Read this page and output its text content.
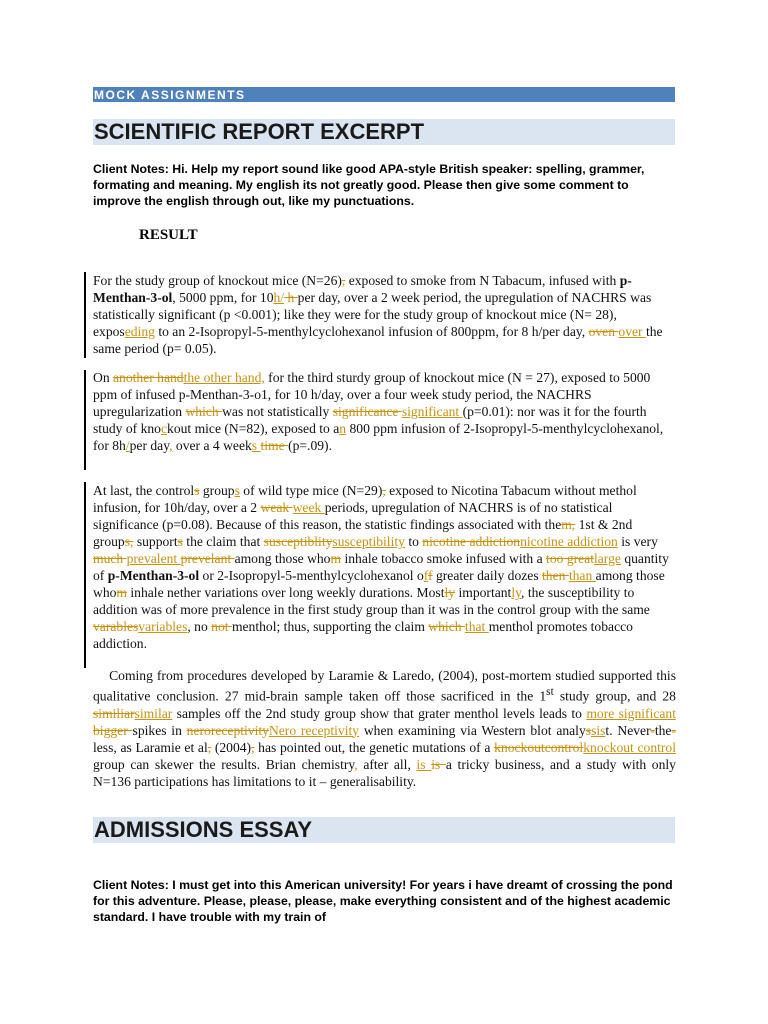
MOCK ASSIGNMENTS
SCIENTIFIC REPORT EXCERPT
Client Notes: Hi. Help my report sound like good APA-style British speaker: spelling, grammer, formating and meaning. My english its not greatly good. Please then give some comment to improve the english through out, like my punctuations.
RESULT
For the study group of knockout mice (N=26), exposed to smoke from N Tabacum, infused with p-Menthan-3-ol, 5000 ppm, for 10h/ h per day, over a 2 week period, the upregulation of NACHRS was statistically significant (p <0.001); like they were for the study group of knockout mice (N= 28), exposeding to an 2-Isopropyl-5-menthylcyclohexanol infusion of 800ppm, for 8 h/per day, oven over the same period (p= 0.05).
On another handthe other hand, for the third sturdy group of knockout mice (N = 27), exposed to 5000 ppm of infused p-Menthan-3-o1, for 10 h/day, over a four week study period, the NACHRS upregularization which was not statistically significance significant (p=0.01): nor was it for the fourth study of knockout mice (N=82), exposed to an 800 ppm infusion of 2-Isopropyl-5-menthylcyclohexanol, for 8h/per day, over a 4 weeks time (p=.09).
At last, the controls groups of wild type mice (N=29), exposed to Nicotina Tabacum without methol infusion, for 10h/day, over a 2 weak week periods, upregulation of NACHRS is of no statistical significance (p=0.08). Because of this reason, the statistic findings associated with them, 1st & 2nd groups, supports the claim that susceptiblitysusceptibility to nicotine addictionnicotine addiction is very much prevalent prevelant among those whom inhale tobacco smoke infused with a too greatlarge quantity of p-Menthan-3-ol or 2-Isopropyl-5-menthylcyclohexanol off greater daily dozes then than among those whom inhale nether variations over long weekly durations. Mostly importantly, the susceptibility to addition was of more prevalence in the first study group than it was in the control group with the same varablesvariables, no not menthol; thus, supporting the claim which that menthol promotes tobacco addiction.
Coming from procedures developed by Laramie & Laredo, (2004), post-mortem studied supported this qualitative conclusion. 27 mid-brain sample taken off those sacrificed in the 1st study group, and 28 similiarsimilar samples off the 2nd study group show that grater menthol levels leads to more significant bigger spikes in neroreceptivityNero receptivity when examining via Western blot analyssist. Never-the-less, as Laramie et al, (2004), has pointed out, the genetic mutations of a knockoutcontrolknockout control group can skewer the results. Brian chemistry, after all, is is a tricky business, and a study with only N=136 participations has limitations to it – generalisability.
ADMISSIONS ESSAY
Client Notes: I must get into this American university! For years i have dreamt of crossing the pond for this adventure. Please, please, please, make everything consistent and of the highest academic standard. I have trouble with my train of
